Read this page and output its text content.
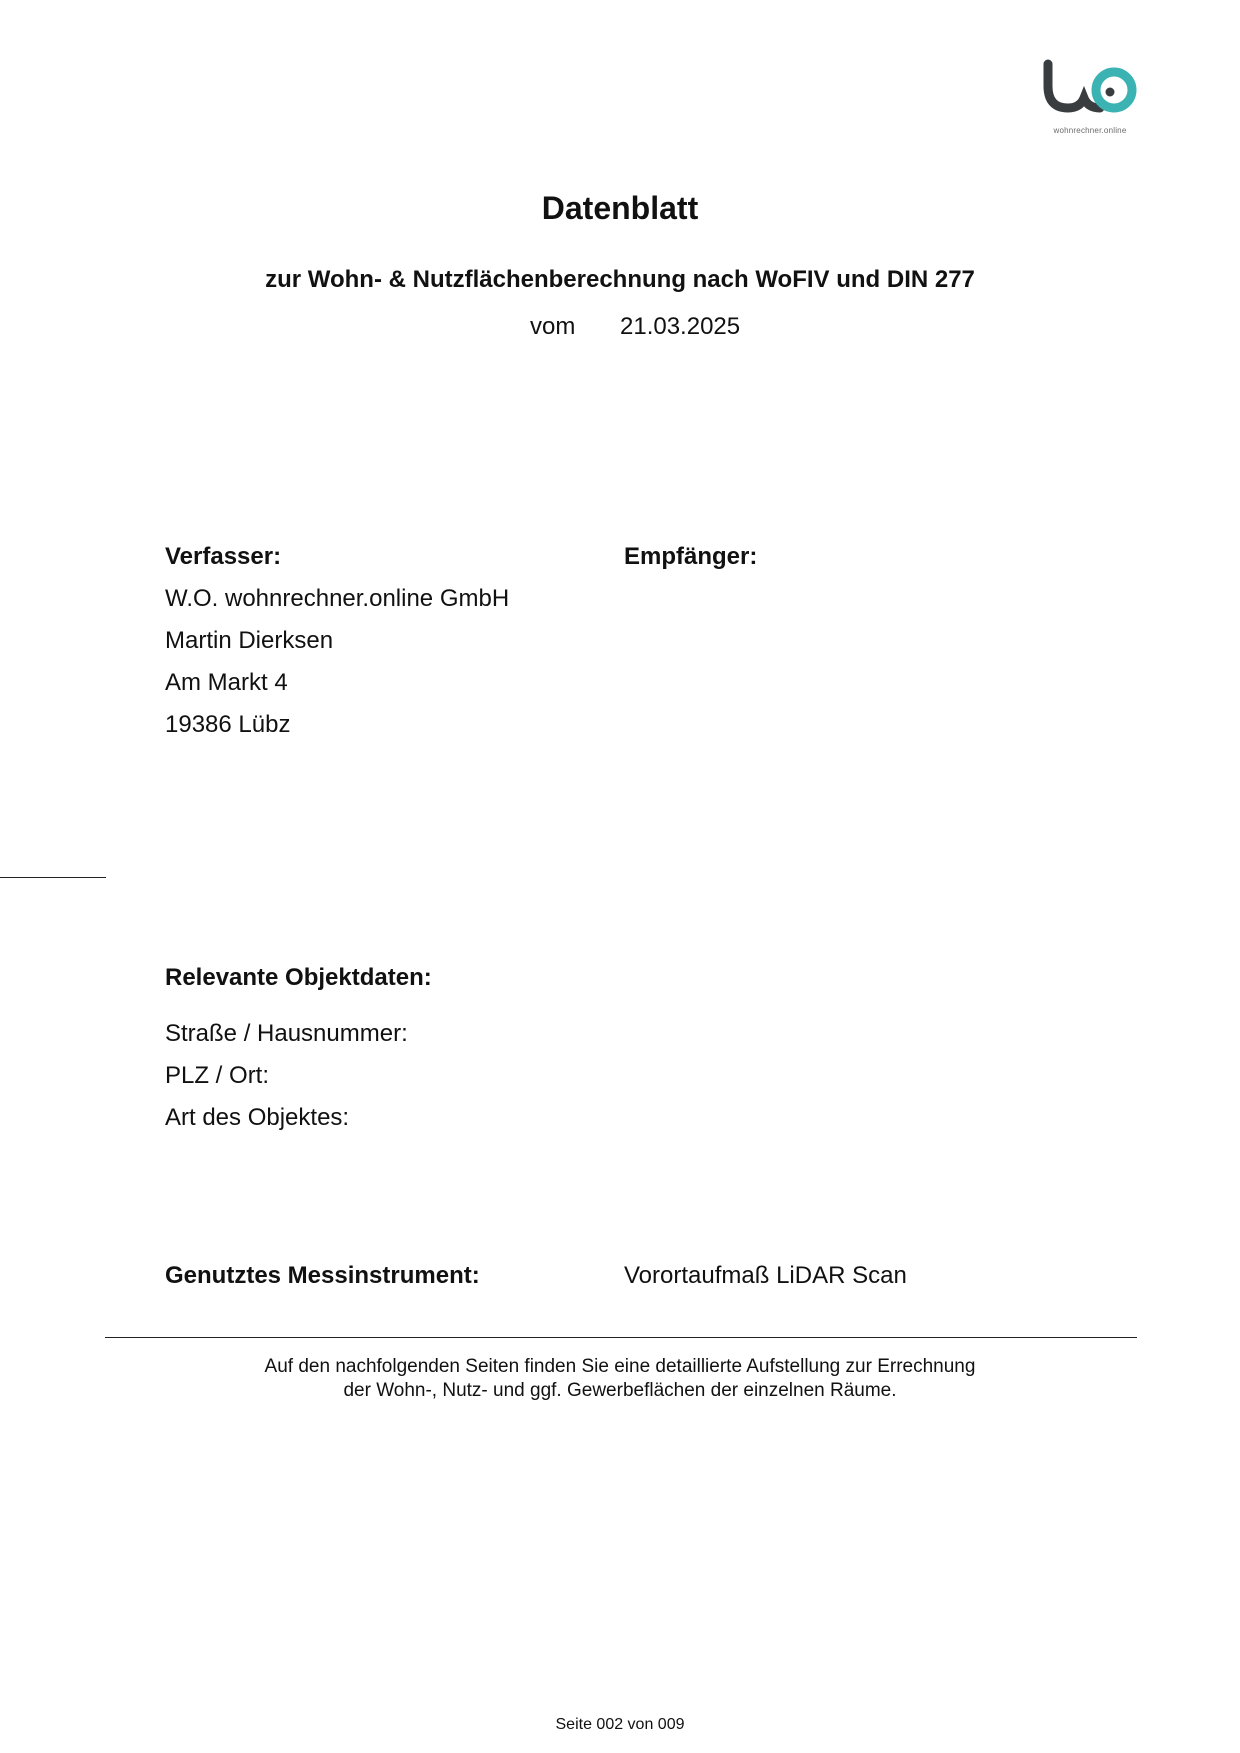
wohnrechner.online
Datenblatt
zur Wohn- & Nutzflächenberechnung nach WoFIV und DIN 277
vom 21.03.2025
Verfasser:
W.O. wohnrechner.online GmbH
Martin Dierksen
Am Markt 4
19386 Lübz
Empfänger:
Relevante Objektdaten:
Straße / Hausnummer:
PLZ / Ort:
Art des Objektes:
Genutztes Messinstrument:	Vorortaufmaß LiDAR Scan
Auf den nachfolgenden Seiten finden Sie eine detaillierte Aufstellung zur Errechnung
der Wohn-, Nutz- und ggf. Gewerbeflächen der einzelnen Räume.
Seite 002 von 009
